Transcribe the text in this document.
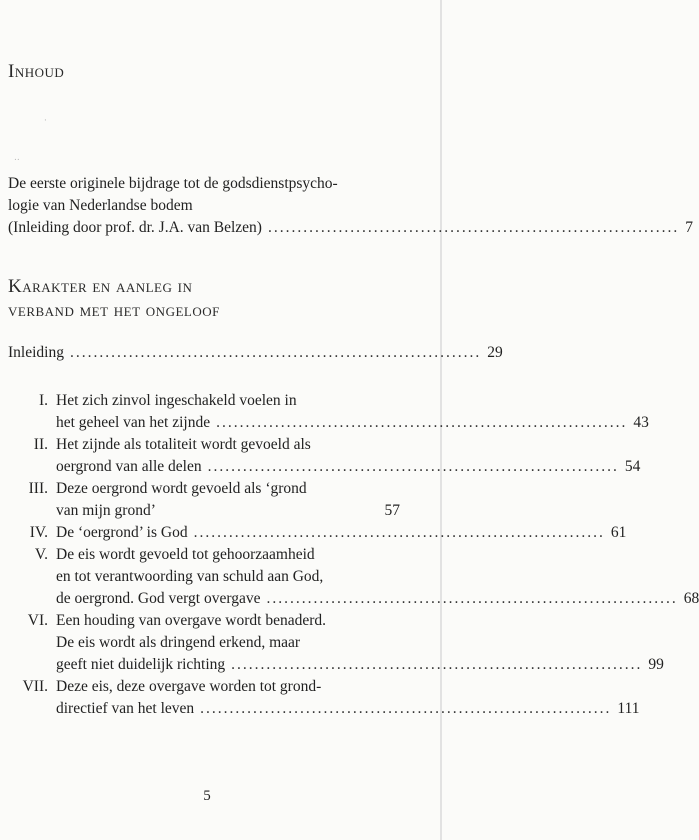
Inhoud
·
..
De eerste originele bijdrage tot de godsdienstpsycho-
logie van Nederlandse bodem
(Inleiding door prof. dr. J.A. van Belzen) ...................................................................... 7
Karakter en aanleg in
verband met het ongeloof
Inleiding ...................................................................... 29
I. Het zich zinvol ingeschakeld voelen in
het geheel van het zijnde ...................................................................... 43
II. Het zijnde als totaliteit wordt gevoeld als
oergrond van alle delen ...................................................................... 54
III. Deze oergrond wordt gevoeld als ‘grond
van mijn grond’	57
IV. De ‘oergrond’ is God ...................................................................... 61
V. De eis wordt gevoeld tot gehoorzaamheid
en tot verantwoording van schuld aan God,
de oergrond. God vergt overgave ...................................................................... 68
VI. Een houding van overgave wordt benaderd.
De eis wordt als dringend erkend, maar
geeft niet duidelijk richting ...................................................................... 99
VII. Deze eis, deze overgave worden tot grond-
directief van het leven ...................................................................... 111
5
